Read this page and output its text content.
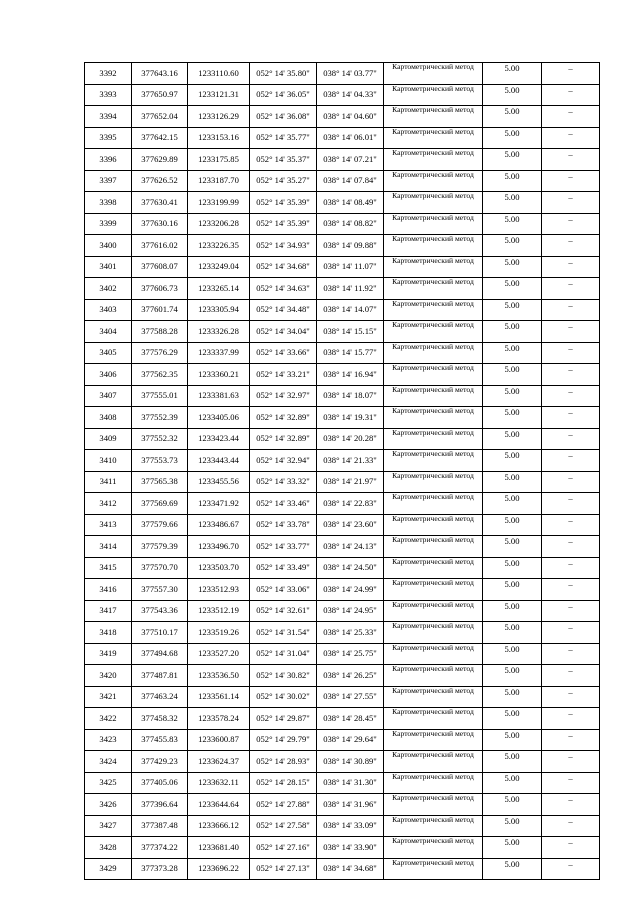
3392	377643.16	1233110.60	052° 14' 35.80"	038° 14' 03.77"	Картометрический метод	5.00	–
3393	377650.97	1233121.31	052° 14' 36.05"	038° 14' 04.33"	Картометрический метод	5.00	–
3394	377652.04	1233126.29	052° 14' 36.08"	038° 14' 04.60"	Картометрический метод	5.00	–
3395	377642.15	1233153.16	052° 14' 35.77"	038° 14' 06.01"	Картометрический метод	5.00	–
3396	377629.89	1233175.85	052° 14' 35.37"	038° 14' 07.21"	Картометрический метод	5.00	–
3397	377626.52	1233187.70	052° 14' 35.27"	038° 14' 07.84"	Картометрический метод	5.00	–
3398	377630.41	1233199.99	052° 14' 35.39"	038° 14' 08.49"	Картометрический метод	5.00	–
3399	377630.16	1233206.28	052° 14' 35.39"	038° 14' 08.82"	Картометрический метод	5.00	–
3400	377616.02	1233226.35	052° 14' 34.93"	038° 14' 09.88"	Картометрический метод	5.00	–
3401	377608.07	1233249.04	052° 14' 34.68"	038° 14' 11.07"	Картометрический метод	5.00	–
3402	377606.73	1233265.14	052° 14' 34.63"	038° 14' 11.92"	Картометрический метод	5.00	–
3403	377601.74	1233305.94	052° 14' 34.48"	038° 14' 14.07"	Картометрический метод	5.00	–
3404	377588.28	1233326.28	052° 14' 34.04"	038° 14' 15.15"	Картометрический метод	5.00	–
3405	377576.29	1233337.99	052° 14' 33.66"	038° 14' 15.77"	Картометрический метод	5.00	–
3406	377562.35	1233360.21	052° 14' 33.21"	038° 14' 16.94"	Картометрический метод	5.00	–
3407	377555.01	1233381.63	052° 14' 32.97"	038° 14' 18.07"	Картометрический метод	5.00	–
3408	377552.39	1233405.06	052° 14' 32.89"	038° 14' 19.31"	Картометрический метод	5.00	–
3409	377552.32	1233423.44	052° 14' 32.89"	038° 14' 20.28"	Картометрический метод	5.00	–
3410	377553.73	1233443.44	052° 14' 32.94"	038° 14' 21.33"	Картометрический метод	5.00	–
3411	377565.38	1233455.56	052° 14' 33.32"	038° 14' 21.97"	Картометрический метод	5.00	–
3412	377569.69	1233471.92	052° 14' 33.46"	038° 14' 22.83"	Картометрический метод	5.00	–
3413	377579.66	1233486.67	052° 14' 33.78"	038° 14' 23.60"	Картометрический метод	5.00	–
3414	377579.39	1233496.70	052° 14' 33.77"	038° 14' 24.13"	Картометрический метод	5.00	–
3415	377570.70	1233503.70	052° 14' 33.49"	038° 14' 24.50"	Картометрический метод	5.00	–
3416	377557.30	1233512.93	052° 14' 33.06"	038° 14' 24.99"	Картометрический метод	5.00	–
3417	377543.36	1233512.19	052° 14' 32.61"	038° 14' 24.95"	Картометрический метод	5.00	–
3418	377510.17	1233519.26	052° 14' 31.54"	038° 14' 25.33"	Картометрический метод	5.00	–
3419	377494.68	1233527.20	052° 14' 31.04"	038° 14' 25.75"	Картометрический метод	5.00	–
3420	377487.81	1233536.50	052° 14' 30.82"	038° 14' 26.25"	Картометрический метод	5.00	–
3421	377463.24	1233561.14	052° 14' 30.02"	038° 14' 27.55"	Картометрический метод	5.00	–
3422	377458.32	1233578.24	052° 14' 29.87"	038° 14' 28.45"	Картометрический метод	5.00	–
3423	377455.83	1233600.87	052° 14' 29.79"	038° 14' 29.64"	Картометрический метод	5.00	–
3424	377429.23	1233624.37	052° 14' 28.93"	038° 14' 30.89"	Картометрический метод	5.00	–
3425	377405.06	1233632.11	052° 14' 28.15"	038° 14' 31.30"	Картометрический метод	5.00	–
3426	377396.64	1233644.64	052° 14' 27.88"	038° 14' 31.96"	Картометрический метод	5.00	–
3427	377387.48	1233666.12	052° 14' 27.58"	038° 14' 33.09"	Картометрический метод	5.00	–
3428	377374.22	1233681.40	052° 14' 27.16"	038° 14' 33.90"	Картометрический метод	5.00	–
3429	377373.28	1233696.22	052° 14' 27.13"	038° 14' 34.68"	Картометрический метод	5.00	–
